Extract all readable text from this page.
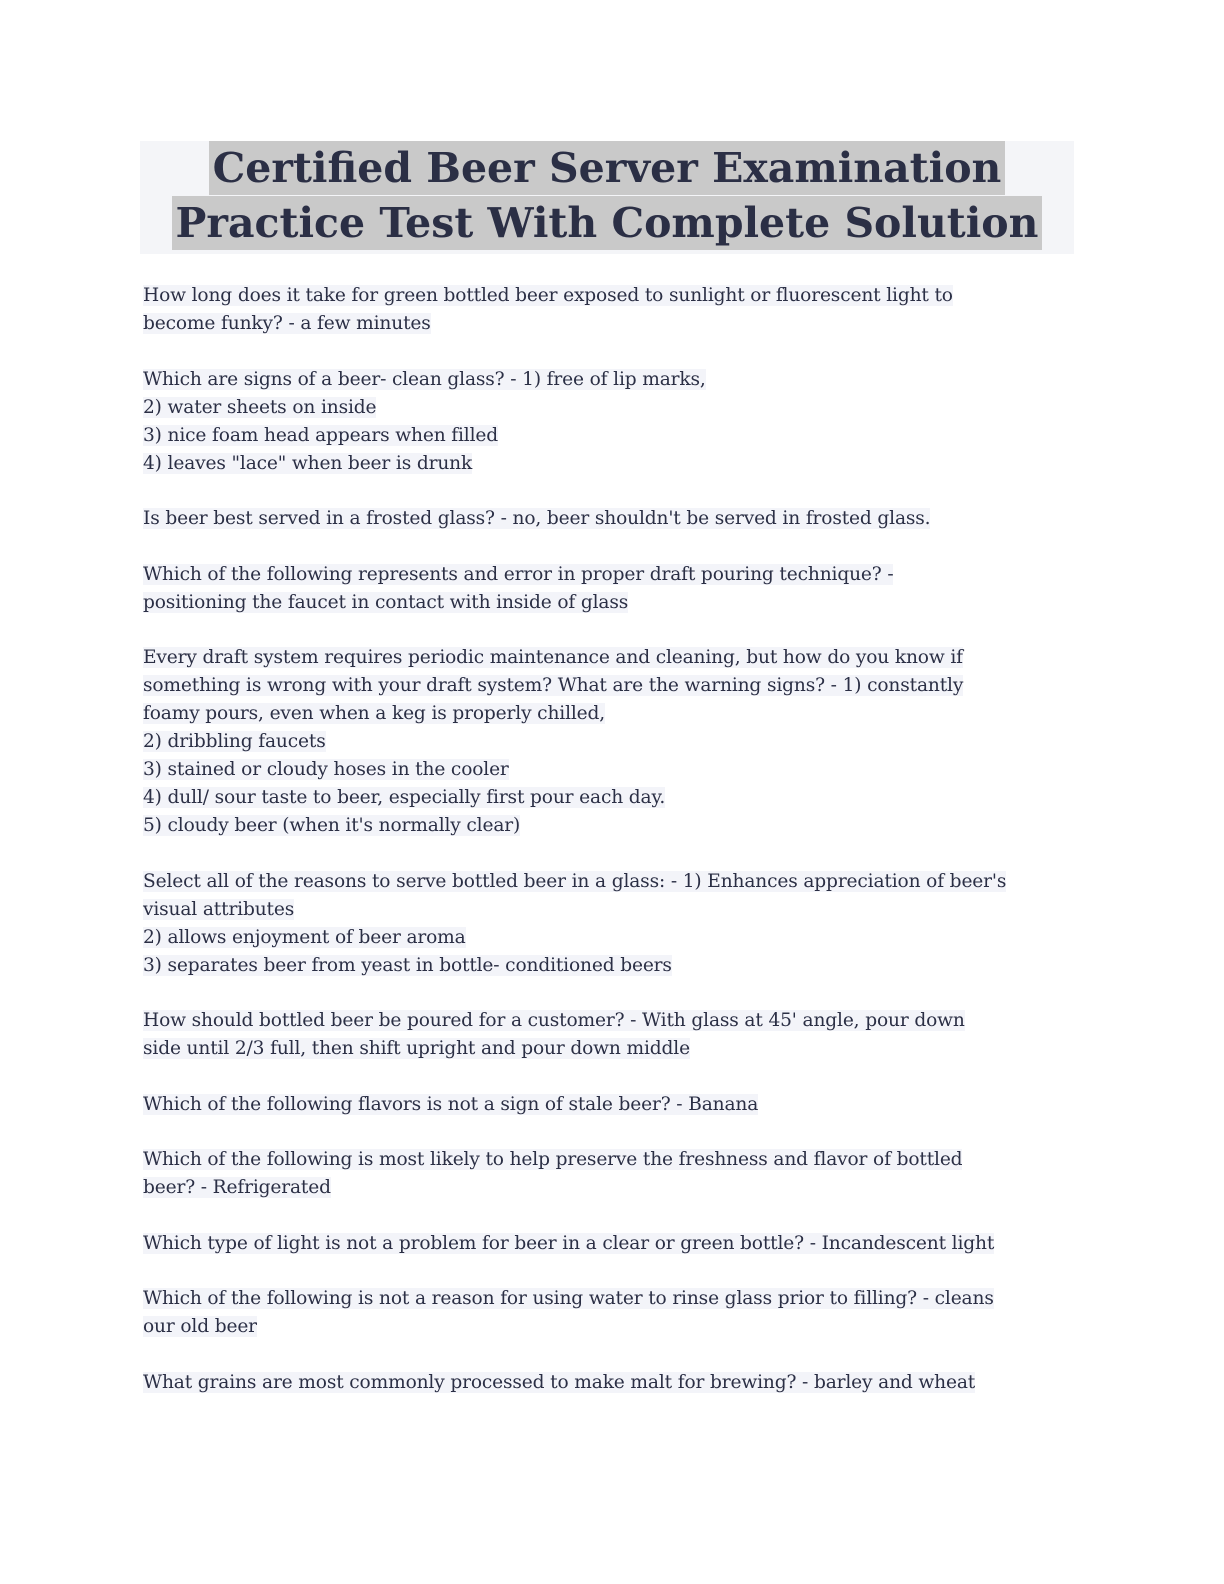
Certified Beer Server Examination
Practice Test With Complete Solution
How long does it take for green bottled beer exposed to sunlight or fluorescent light to
become funky? - a few minutes
Which are signs of a beer- clean glass? - 1) free of lip marks,
2) water sheets on inside
3) nice foam head appears when filled
4) leaves "lace" when beer is drunk
Is beer best served in a frosted glass? - no, beer shouldn't be served in frosted glass.
Which of the following represents and error in proper draft pouring technique? -
positioning the faucet in contact with inside of glass
Every draft system requires periodic maintenance and cleaning, but how do you know if
something is wrong with your draft system? What are the warning signs? - 1) constantly
foamy pours, even when a keg is properly chilled,
2) dribbling faucets
3) stained or cloudy hoses in the cooler
4) dull/ sour taste to beer, especially first pour each day.
5) cloudy beer (when it's normally clear)
Select all of the reasons to serve bottled beer in a glass: - 1) Enhances appreciation of beer's
visual attributes
2) allows enjoyment of beer aroma
3) separates beer from yeast in bottle- conditioned beers
How should bottled beer be poured for a customer? - With glass at 45' angle, pour down
side until 2/3 full, then shift upright and pour down middle
Which of the following flavors is not a sign of stale beer? - Banana
Which of the following is most likely to help preserve the freshness and flavor of bottled
beer? - Refrigerated
Which type of light is not a problem for beer in a clear or green bottle? - Incandescent light
Which of the following is not a reason for using water to rinse glass prior to filling? - cleans
our old beer
What grains are most commonly processed to make malt for brewing? - barley and wheat
